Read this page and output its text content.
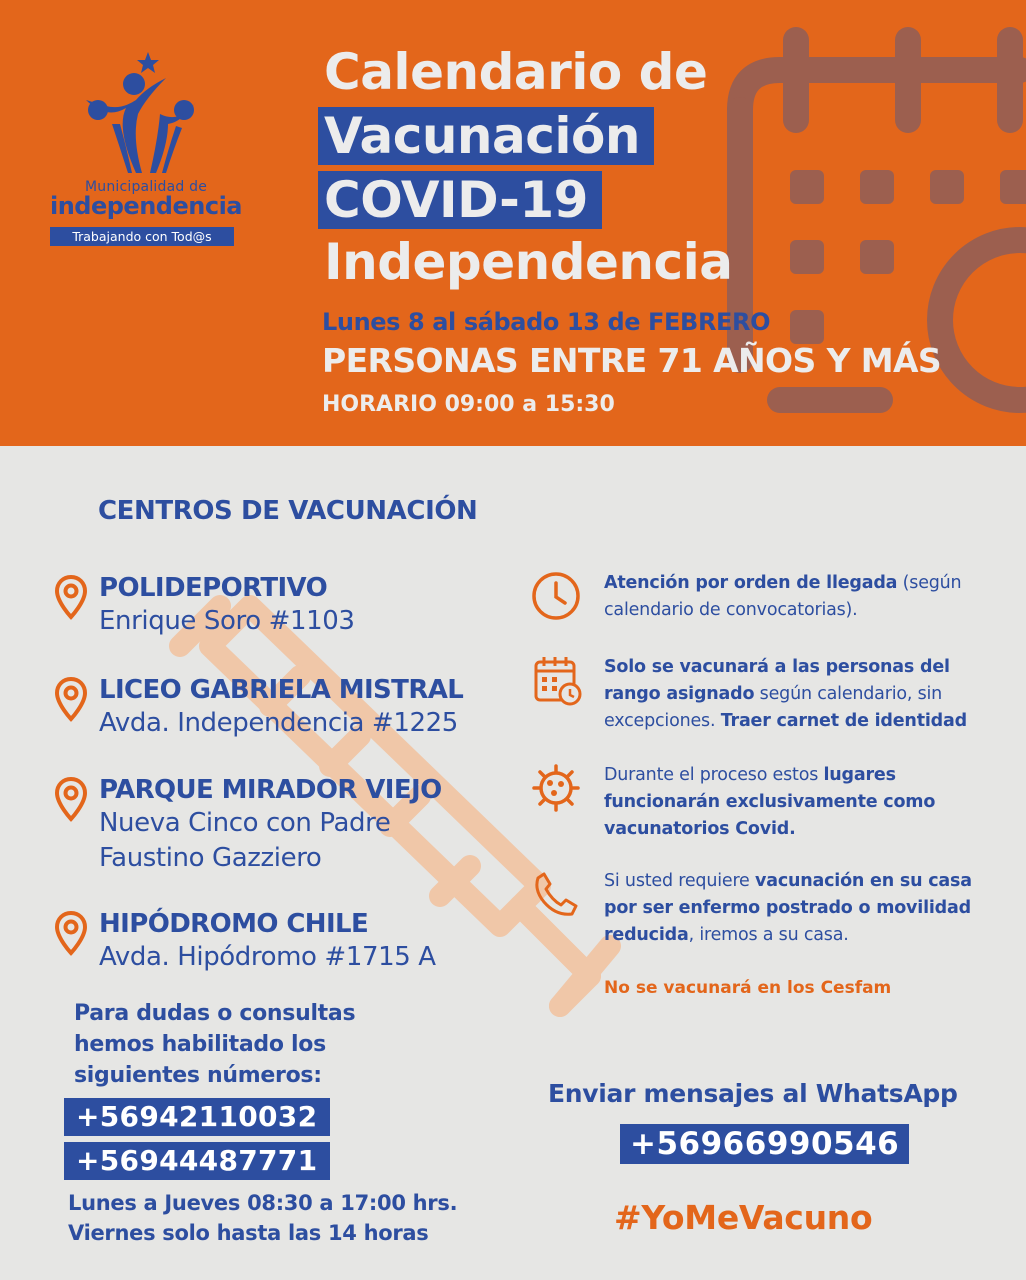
Municipalidad de
independencia
Trabajando con Tod@s
Calendario de
Vacunación
COVID-19
Independencia
Lunes 8 al sábado 13 de FEBRERO
PERSONAS ENTRE 71 AÑOS Y MÁS
HORARIO 09:00 a 15:30
CENTROS DE VACUNACIÓN
POLIDEPORTIVO
Enrique Soro #1103
LICEO GABRIELA MISTRAL
Avda. Independencia #1225
PARQUE MIRADOR VIEJO
Nueva Cinco con Padre Faustino Gazziero
HIPÓDROMO CHILE
Avda. Hipódromo #1715 A
Para dudas o consultas
hemos habilitado los
siguientes números:
+56942110032
+56944487771
Lunes a Jueves 08:30 a 17:00 hrs.
Viernes solo hasta las 14 horas
Atención por orden de llegada (según calendario de convocatorias).
Solo se vacunará a las personas del rango asignado según calendario, sin excepciones. Traer carnet de identidad
Durante el proceso estos lugares funcionarán exclusivamente como vacunatorios Covid.
Si usted requiere vacunación en su casa por ser enfermo postrado o movilidad reducida, iremos a su casa.
No se vacunará en los Cesfam
Enviar mensajes al WhatsApp
+56966990546
#YoMeVacuno
